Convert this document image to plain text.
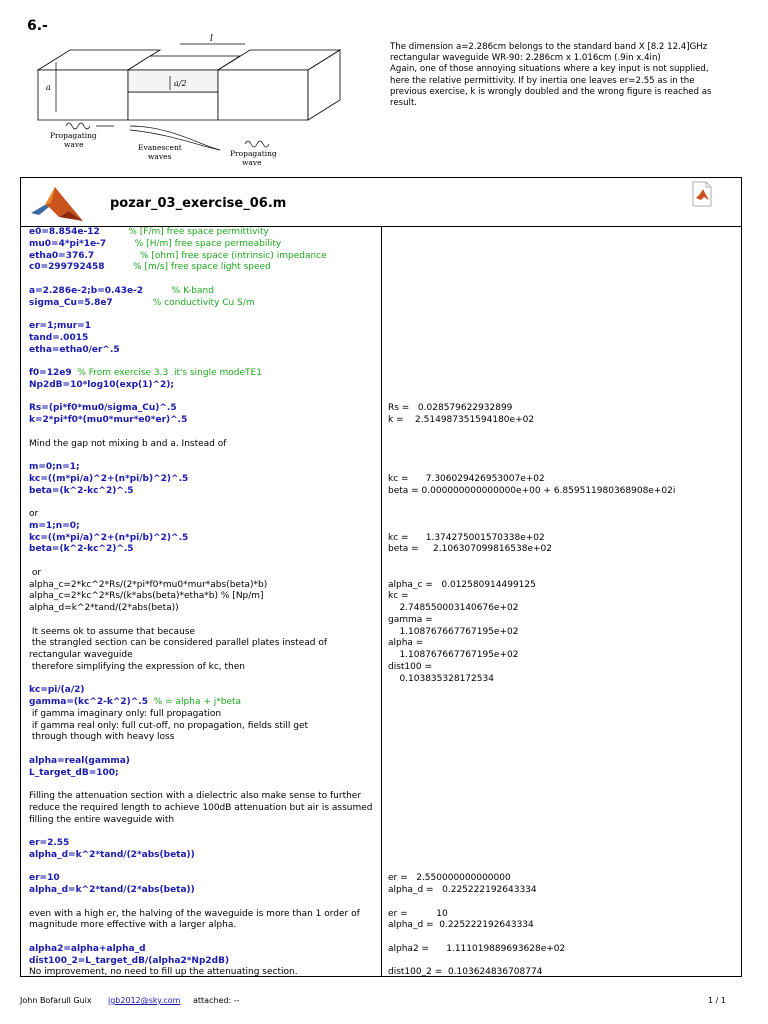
6.-
l
a	a/2
Propagating
wave	Evanescent
waves	Propagating
wave
The dimension a=2.286cm belongs to the standard band X [8.2 12.4]GHz
rectangular waveguide WR-90: 2.286cm x 1.016cm (.9in x.4in)
Again, one of those annoying situations where a key input is not supplied,
here the relative permittivity. If by inertia one leaves er=2.55 as in the
previous exercise, k is wrongly doubled and the wrong figure is reached as
result.
pozar_03_exercise_06.m
e0=8.854e-12          % [F/m] free space permittivity
mu0=4*pi*1e-7          % [H/m] free space permeability
etha0=376.7                % [ohm] free space (intrinsic) impedance
c0=299792458          % [m/s] free space light speed
a=2.286e-2;b=0.43e-2          % K-band
sigma_Cu=5.8e7              % conductivity Cu S/m
er=1;mur=1
tand=.0015
etha=etha0/er^.5
f0=12e9  % From exercise 3.3  it's single modeTE1
Np2dB=10*log10(exp(1)^2);
Rs=(pi*f0*mu0/sigma_Cu)^.5
k=2*pi*f0*(mu0*mur*e0*er)^.5
Mind the gap not mixing b and a. Instead of
m=0;n=1;
kc=((m*pi/a)^2+(n*pi/b)^2)^.5
beta=(k^2-kc^2)^.5
or
m=1;n=0;
kc=((m*pi/a)^2+(n*pi/b)^2)^.5
beta=(k^2-kc^2)^.5
or
alpha_c=2*kc^2*Rs/(2*pi*f0*mu0*mur*abs(beta)*b)
alpha_c=2*kc^2*Rs/(k*abs(beta)*etha*b) % [Np/m]
alpha_d=k^2*tand/(2*abs(beta))
It seems ok to assume that because
the strangled section can be considered parallel plates instead of
rectangular waveguide
therefore simplifying the expression of kc, then
kc=pi/(a/2)
gamma=(kc^2-k^2)^.5  % = alpha + j*beta
if gamma imaginary only: full propagation
if gamma real only: full cut-off, no propagation, fields still get
through though with heavy loss
alpha=real(gamma)
L_target_dB=100;
Filling the attenuation section with a dielectric also make sense to further
reduce the required length to achieve 100dB attenuation but air is assumed
filling the entire waveguide with
er=2.55
alpha_d=k^2*tand/(2*abs(beta))
er=10
alpha_d=k^2*tand/(2*abs(beta))
even with a high er, the halving of the waveguide is more than 1 order of
magnitude more effective with a larger alpha.
alpha2=alpha+alpha_d
dist100_2=L_target_dB/(alpha2*Np2dB)
No improvement, no need to fill up the attenuating section.
Rs =   0.028579622932899
k =    2.514987351594180e+02
kc =      7.306029426953007e+02
beta = 0.000000000000000e+00 + 6.859511980368908e+02i
kc =      1.374275001570338e+02
beta =     2.106307099816538e+02
alpha_c =   0.012580914499125
kc =
2.748550003140676e+02
gamma =
1.108767667767195e+02
alpha =
1.108767667767195e+02
dist100 =
0.103835328172534
er =   2.550000000000000
alpha_d =   0.225222192643334
er =          10
alpha_d =  0.225222192643334
alpha2 =      1.111019889693628e+02
dist100_2 =  0.103624836708774
John Bofarull Guix jgb2012@sky.com attached: --	1 / 1
